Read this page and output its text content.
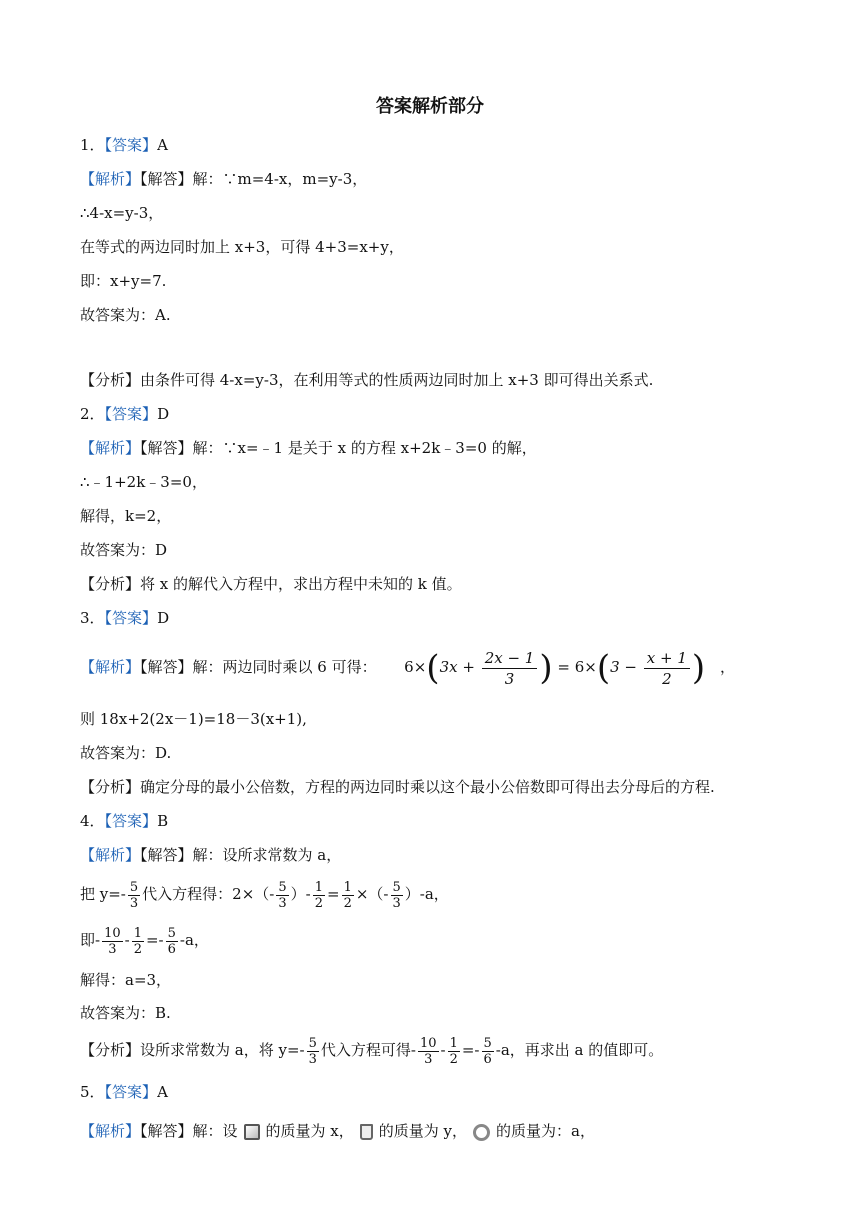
答案解析部分
1．【答案】A
【解析】【解答】解：∵m=4-x，m=y-3，
∴4-x=y-3，
在等式的两边同时加上 x+3，可得 4+3=x+y，
即：x+y=7.
故答案为：A.
【分析】由条件可得 4-x=y-3，在利用等式的性质两边同时加上 x+3 即可得出关系式.
2．【答案】D
【解析】【解答】解：∵x=﹣1 是关于 x 的方程 x+2k﹣3=0 的解，
∴﹣1+2k﹣3=0，
解得，k=2，
故答案为：D
【分析】将 x 的解代入方程中，求出方程中未知的 k 值。
3．【答案】D
【解析】【解答】解：两边同时乘以 6 可得： $6\times(3x + \frac{2x - 1}{3}$ ) = $6\times(3 - \frac{x + 1}{2}$ ) ，
则 18x+2(2x－1)=18－3(x+1),
故答案为：D.
【分析】确定分母的最小公倍数，方程的两边同时乘以这个最小公倍数即可得出去分母后的方程.
4．【答案】B
【解析】【解答】解：设所求常数为 a，
把 $y=- \frac{5}{3}$ 代入方程得：$2\times(- \frac{5}{3}$ ）- $\frac{1}{2} = \frac{1}{2}$ ×（- $\frac{5}{3} )-a$，
即- $\frac{10}{3} - \frac{1}{2} =- \frac{5}{6} -a$，
解得：a=3，
故答案为：B.
【分析】设所求常数为 a，将 $y=- \frac{5}{3}$ 代入方程可得- $\frac{10}{3} - \frac{1}{2} =- \frac{5}{6} -a$，再求出 a 的值即可。
5．【答案】A
【解析】【解答】解：设 的质量为 x， 的质量为 y， 的质量为：a，
